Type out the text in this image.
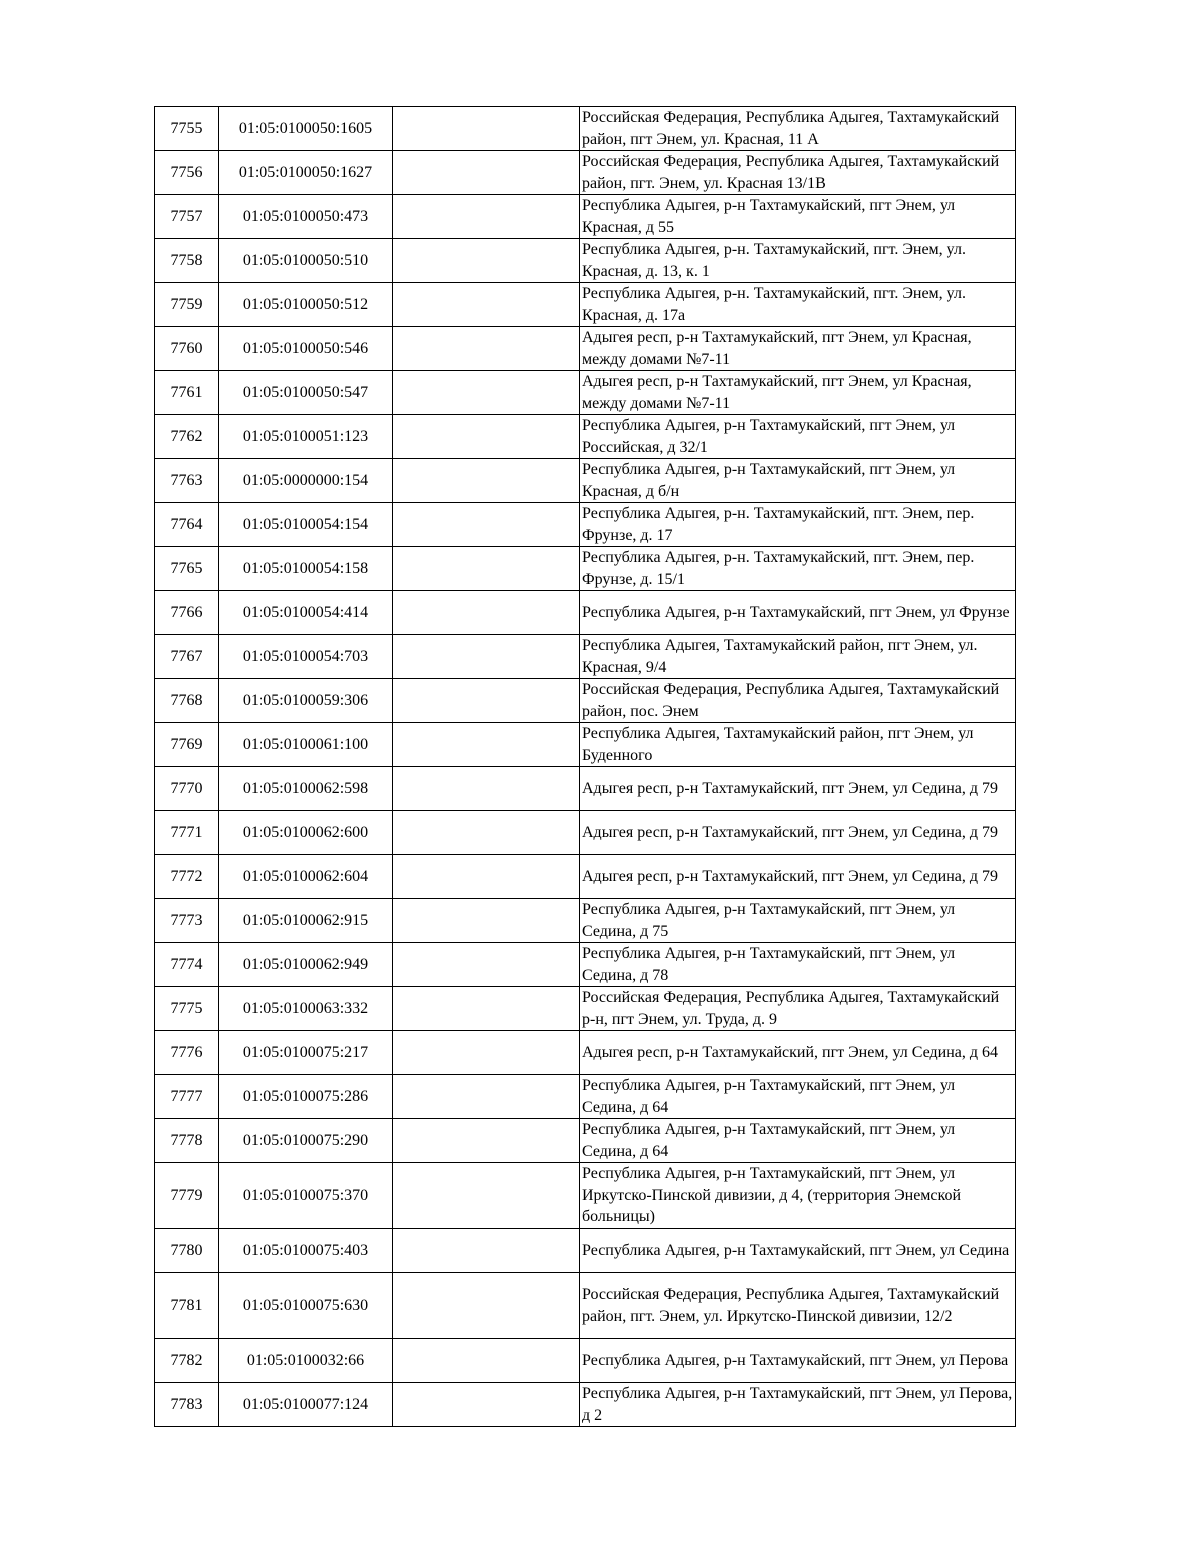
7755	01:05:0100050:1605		Российская Федерация, Республика Адыгея, Тахтамукайский район, пгт Энем, ул. Красная, 11 А
7756	01:05:0100050:1627		Российская Федерация, Республика Адыгея, Тахтамукайский район, пгт. Энем, ул. Красная 13/1В
7757	01:05:0100050:473		Республика Адыгея, р-н Тахтамукайский, пгт Энем, ул Красная, д 55
7758	01:05:0100050:510		Республика Адыгея, р-н. Тахтамукайский, пгт. Энем, ул. Красная, д. 13, к. 1
7759	01:05:0100050:512		Республика Адыгея, р-н. Тахтамукайский, пгт. Энем, ул. Красная, д. 17а
7760	01:05:0100050:546		Адыгея респ, р-н Тахтамукайский, пгт Энем, ул Красная, между домами №7-11
7761	01:05:0100050:547		Адыгея респ, р-н Тахтамукайский, пгт Энем, ул Красная, между домами №7-11
7762	01:05:0100051:123		Республика Адыгея, р-н Тахтамукайский, пгт Энем, ул Российская, д 32/1
7763	01:05:0000000:154		Республика Адыгея, р-н Тахтамукайский, пгт Энем, ул Красная, д б/н
7764	01:05:0100054:154		Республика Адыгея, р-н. Тахтамукайский, пгт. Энем, пер. Фрунзе, д. 17
7765	01:05:0100054:158		Республика Адыгея, р-н. Тахтамукайский, пгт. Энем, пер. Фрунзе, д. 15/1
7766	01:05:0100054:414		Республика Адыгея, р-н Тахтамукайский, пгт Энем, ул Фрунзе
7767	01:05:0100054:703		Республика Адыгея, Тахтамукайский район, пгт Энем, ул. Красная, 9/4
7768	01:05:0100059:306		Российская Федерация, Республика Адыгея, Тахтамукайский район, пос. Энем
7769	01:05:0100061:100		Республика Адыгея, Тахтамукайский район, пгт Энем, ул Буденного
7770	01:05:0100062:598		Адыгея респ, р-н Тахтамукайский, пгт Энем, ул Седина, д 79
7771	01:05:0100062:600		Адыгея респ, р-н Тахтамукайский, пгт Энем, ул Седина, д 79
7772	01:05:0100062:604		Адыгея респ, р-н Тахтамукайский, пгт Энем, ул Седина, д 79
7773	01:05:0100062:915		Республика Адыгея, р-н Тахтамукайский, пгт Энем, ул Седина, д 75
7774	01:05:0100062:949		Республика Адыгея, р-н Тахтамукайский, пгт Энем, ул Седина, д 78
7775	01:05:0100063:332		Российская Федерация, Республика Адыгея, Тахтамукайский р-н, пгт Энем, ул. Труда, д. 9
7776	01:05:0100075:217		Адыгея респ, р-н Тахтамукайский, пгт Энем, ул Седина, д 64
7777	01:05:0100075:286		Республика Адыгея, р-н Тахтамукайский, пгт Энем, ул Седина, д 64
7778	01:05:0100075:290		Республика Адыгея, р-н Тахтамукайский, пгт Энем, ул Седина, д 64
7779	01:05:0100075:370		Республика Адыгея, р-н Тахтамукайский, пгт Энем, ул Иркутско-Пинской дивизии, д 4, (территория Энемской больницы)
7780	01:05:0100075:403		Республика Адыгея, р-н Тахтамукайский, пгт Энем, ул Седина
7781	01:05:0100075:630		Российская Федерация, Республика Адыгея, Тахтамукайский район, пгт. Энем, ул. Иркутско-Пинской дивизии, 12/2
7782	01:05:0100032:66		Республика Адыгея, р-н Тахтамукайский, пгт Энем, ул Перова
7783	01:05:0100077:124		Республика Адыгея, р-н Тахтамукайский, пгт Энем, ул Перова, д 2
